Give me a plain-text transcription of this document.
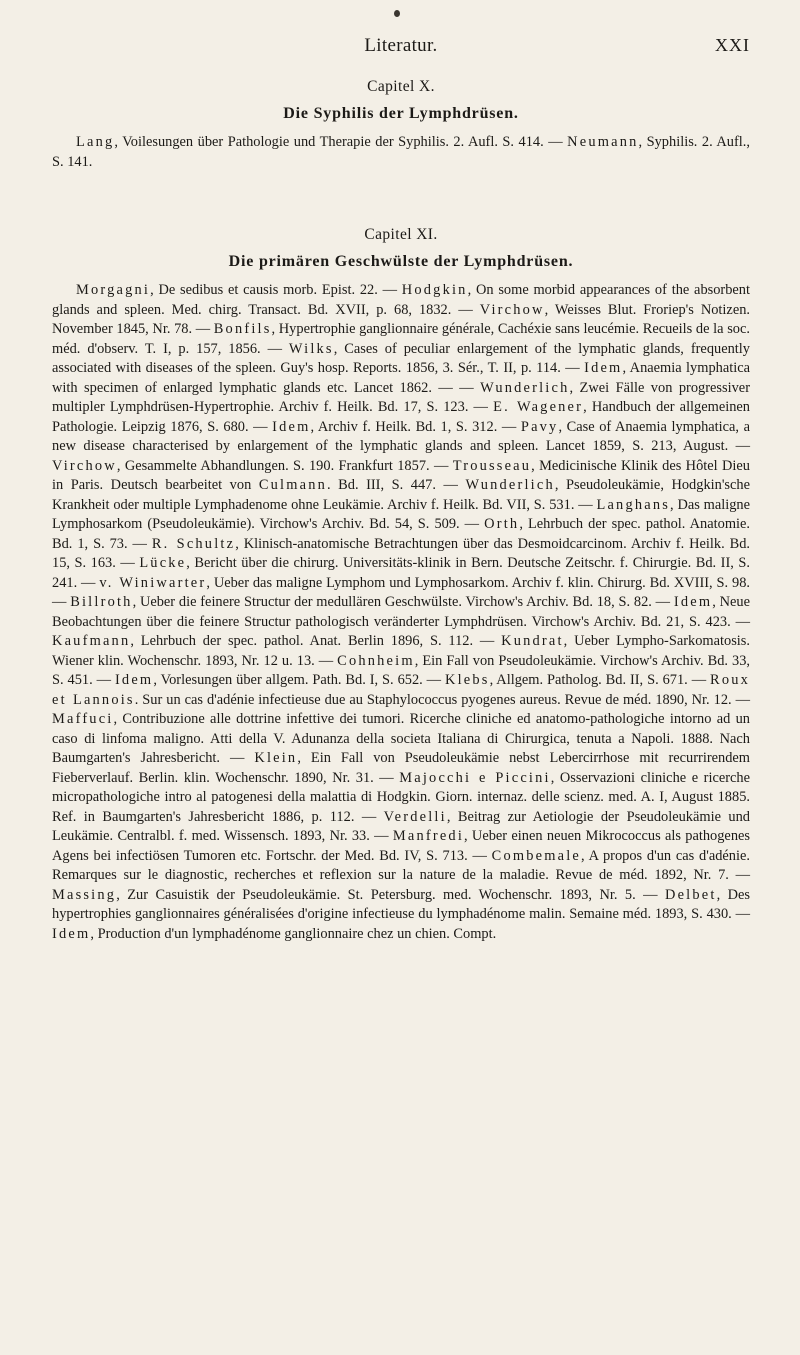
Literatur.	XXI

Capitel X.

Die Syphilis der Lymphdrüsen.

Lang, Voilesungen über Pathologie und Therapie der Syphilis. 2. Aufl. S. 414. — Neumann, Syphilis. 2. Aufl., S. 141.

Capitel XI.

Die primären Geschwülste der Lymphdrüsen.

Morgagni, De sedibus et causis morb. Epist. 22. — Hodgkin, On some morbid appearances of the absorbent glands and spleen. Med. chirg. Transact. Bd. XVII, p. 68, 1832. — Virchow, Weisses Blut. Froriep's Notizen. November 1845, Nr. 78. — Bonfils, Hypertrophie ganglionnaire générale, Cachéxie sans leucémie. Recueils de la soc. méd. d'observ. T. I, p. 157, 1856. — Wilks, Cases of peculiar enlargement of the lymphatic glands, frequently associated with diseases of the spleen. Guy's hosp. Reports. 1856, 3. Sér., T. II, p. 114. — Idem, Anaemia lymphatica with specimen of enlarged lymphatic glands etc. Lancet 1862. — — Wunderlich, Zwei Fälle von progressiver multipler Lymphdrüsen-Hypertrophie. Archiv f. Heilk. Bd. 17, S. 123. — E. Wagener, Handbuch der allgemeinen Pathologie. Leipzig 1876, S. 680. — Idem, Archiv f. Heilk. Bd. 1, S. 312. — Pavy, Case of Anaemia lymphatica, a new disease characterised by enlargement of the lymphatic glands and spleen. Lancet 1859, S. 213, August. — Virchow, Gesammelte Abhandlungen. S. 190. Frankfurt 1857. — Trousseau, Medicinische Klinik des Hôtel Dieu in Paris. Deutsch bearbeitet von Culmann. Bd. III, S. 447. — Wunderlich, Pseudoleukämie, Hodgkin'sche Krankheit oder multiple Lymphadenome ohne Leukämie. Archiv f. Heilk. Bd. VII, S. 531. — Langhans, Das maligne Lymphosarkom (Pseudoleukämie). Virchow's Archiv. Bd. 54, S. 509. — Orth, Lehrbuch der spec. pathol. Anatomie. Bd. 1, S. 73. — R. Schultz, Klinisch-anatomische Betrachtungen über das Desmoidcarcinom. Archiv f. Heilk. Bd. 15, S. 163. — Lücke, Bericht über die chirurg. Universitäts-klinik in Bern. Deutsche Zeitschr. f. Chirurgie. Bd. II, S. 241. — v. Winiwarter, Ueber das maligne Lymphom und Lymphosarkom. Archiv f. klin. Chirurg. Bd. XVIII, S. 98. — Billroth, Ueber die feinere Structur der medullären Geschwülste. Virchow's Archiv. Bd. 18, S. 82. — Idem, Neue Beobachtungen über die feinere Structur pathologisch veränderter Lymphdrüsen. Virchow's Archiv. Bd. 21, S. 423. — Kaufmann, Lehrbuch der spec. pathol. Anat. Berlin 1896, S. 112. — Kundrat, Ueber Lympho-Sarkomatosis. Wiener klin. Wochenschr. 1893, Nr. 12 u. 13. — Cohnheim, Ein Fall von Pseudoleukämie. Virchow's Archiv. Bd. 33, S. 451. — Idem, Vorlesungen über allgem. Path. Bd. I, S. 652. — Klebs, Allgem. Patholog. Bd. II, S. 671. — Roux et Lannois. Sur un cas d'adénie infectieuse due au Staphylococcus pyogenes aureus. Revue de méd. 1890, Nr. 12. — Maffuci, Contribuzione alle dottrine infettive dei tumori. Ricerche cliniche ed anatomo-pathologiche intorno ad un caso di linfoma maligno. Atti della V. Adunanza della societa Italiana di Chirurgica, tenuta a Napoli. 1888. Nach Baumgarten's Jahresbericht. — Klein, Ein Fall von Pseudoleukämie nebst Lebercirrhose mit recurrirendem Fieberverlauf. Berlin. klin. Wochenschr. 1890, Nr. 31. — Majocchi e Piccini, Osservazioni cliniche e ricerche micropathologiche intro al patogenesi della malattia di Hodgkin. Giorn. internaz. delle scienz. med. A. I, August 1885. Ref. in Baumgarten's Jahresbericht 1886, p. 112. — Verdelli, Beitrag zur Aetiologie der Pseudoleukämie und Leukämie. Centralbl. f. med. Wissensch. 1893, Nr. 33. — Manfredi, Ueber einen neuen Mikrococcus als pathogenes Agens bei infectiösen Tumoren etc. Fortschr. der Med. Bd. IV, S. 713. — Combemale, A propos d'un cas d'adénie. Remarques sur le diagnostic, recherches et reflexion sur la nature de la maladie. Revue de méd. 1892, Nr. 7. — Massing, Zur Casuistik der Pseudoleukämie. St. Petersburg. med. Wochenschr. 1893, Nr. 5. — Delbet, Des hypertrophies ganglionnaires généralisées d'origine infectieuse du lymphadénome malin. Semaine méd. 1893, S. 430. — Idem, Production d'un lymphadénome ganglionnaire chez un chien. Compt.
